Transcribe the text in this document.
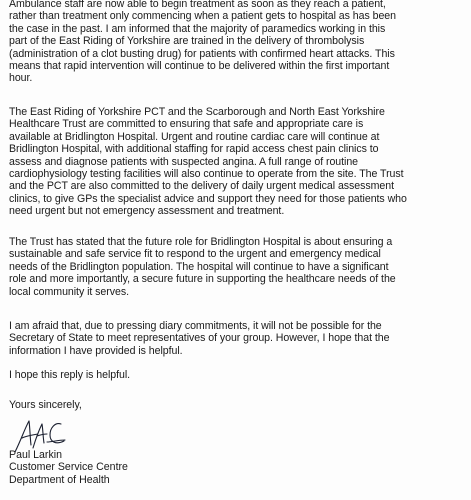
Ambulance staff are now able to begin treatment as soon as they reach a patient,
rather than treatment only commencing when a patient gets to hospital as has been
the case in the past. I am informed that the majority of paramedics working in this
part of the East Riding of Yorkshire are trained in the delivery of thrombolysis
(administration of a clot busting drug) for patients with confirmed heart attacks. This
means that rapid intervention will continue to be delivered within the first important
hour.
The East Riding of Yorkshire PCT and the Scarborough and North East Yorkshire
Healthcare Trust are committed to ensuring that safe and appropriate care is
available at Bridlington Hospital. Urgent and routine cardiac care will continue at
Bridlington Hospital, with additional staffing for rapid access chest pain clinics to
assess and diagnose patients with suspected angina. A full range of routine
cardiophysiology testing facilities will also continue to operate from the site. The Trust
and the PCT are also committed to the delivery of daily urgent medical assessment
clinics, to give GPs the specialist advice and support they need for those patients who
need urgent but not emergency assessment and treatment.
The Trust has stated that the future role for Bridlington Hospital is about ensuring a
sustainable and safe service fit to respond to the urgent and emergency medical
needs of the Bridlington population. The hospital will continue to have a significant
role and more importantly, a secure future in supporting the healthcare needs of the
local community it serves.
I am afraid that, due to pressing diary commitments, it will not be possible for the
Secretary of State to meet representatives of your group. However, I hope that the
information I have provided is helpful.
I hope this reply is helpful.
Yours sincerely,
Paul Larkin
Customer Service Centre
Department of Health
